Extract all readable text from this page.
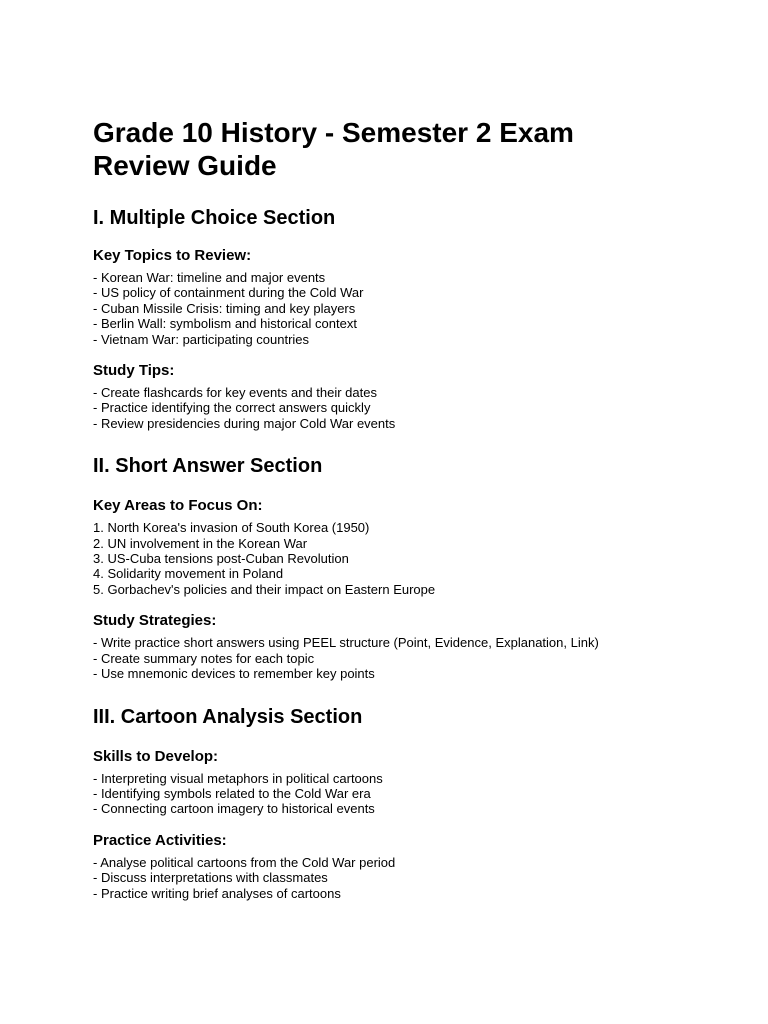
Grade 10 History - Semester 2 Exam Review Guide
I. Multiple Choice Section
Key Topics to Review:
- Korean War: timeline and major events
- US policy of containment during the Cold War
- Cuban Missile Crisis: timing and key players
- Berlin Wall: symbolism and historical context
- Vietnam War: participating countries
Study Tips:
- Create flashcards for key events and their dates
- Practice identifying the correct answers quickly
- Review presidencies during major Cold War events
II. Short Answer Section
Key Areas to Focus On:
1. North Korea's invasion of South Korea (1950)
2. UN involvement in the Korean War
3. US-Cuba tensions post-Cuban Revolution
4. Solidarity movement in Poland
5. Gorbachev's policies and their impact on Eastern Europe
Study Strategies:
- Write practice short answers using PEEL structure (Point, Evidence, Explanation, Link)
- Create summary notes for each topic
- Use mnemonic devices to remember key points
III. Cartoon Analysis Section
Skills to Develop:
- Interpreting visual metaphors in political cartoons
- Identifying symbols related to the Cold War era
- Connecting cartoon imagery to historical events
Practice Activities:
- Analyse political cartoons from the Cold War period
- Discuss interpretations with classmates
- Practice writing brief analyses of cartoons
